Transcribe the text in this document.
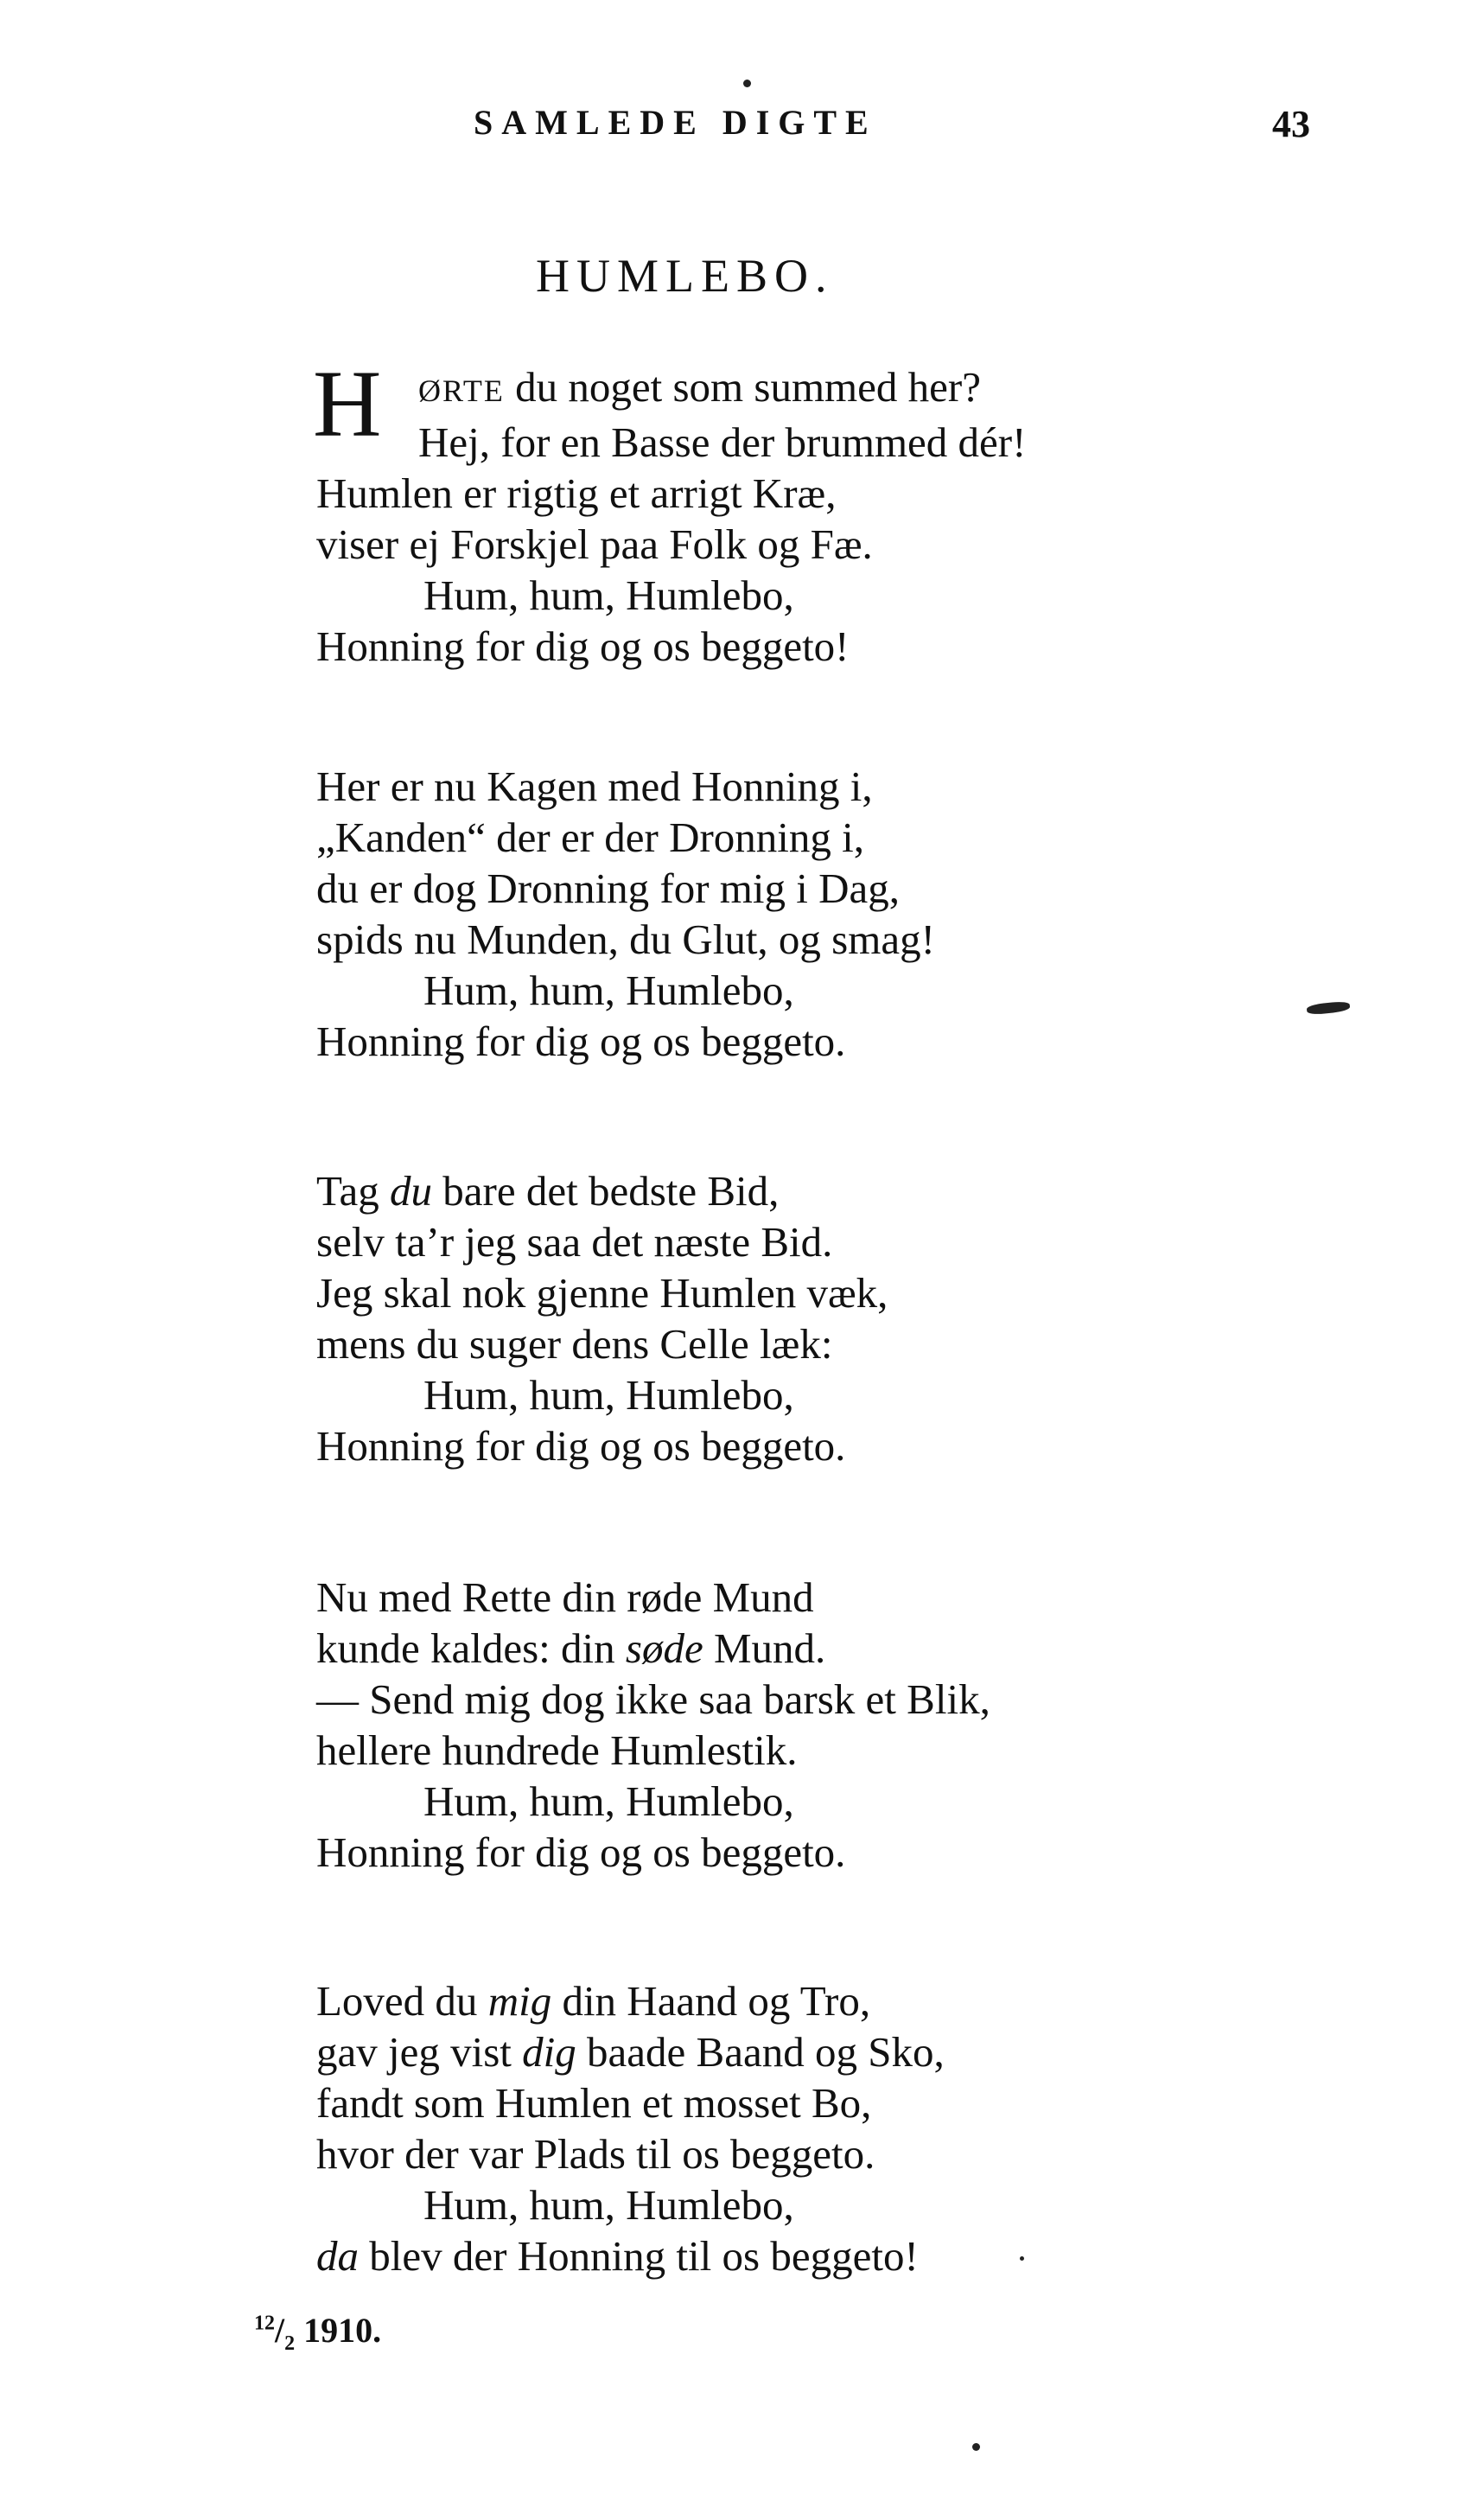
SAMLEDE DIGTE	43
HUMLEBO.
H	ØRTE du noget som summed her?
Hej, for en Basse der brummed dér!
Humlen er rigtig et arrigt Kræ,
viser ej Forskjel paa Folk og Fæ.
Hum, hum, Humlebo,
Honning for dig og os beggeto!
Her er nu Kagen med Honning i,
„Kanden“ der er der Dronning i,
du er dog Dronning for mig i Dag,
spids nu Munden, du Glut, og smag!
Hum, hum, Humlebo,
Honning for dig og os beggeto.
Tag du bare det bedste Bid,
selv ta’r jeg saa det næste Bid.
Jeg skal nok gjenne Humlen væk,
mens du suger dens Celle læk:
Hum, hum, Humlebo,
Honning for dig og os beggeto.
Nu med Rette din røde Mund
kunde kaldes: din søde Mund.
— Send mig dog ikke saa barsk et Blik,
hellere hundrede Humlestik.
Hum, hum, Humlebo,
Honning for dig og os beggeto.
Loved du mig din Haand og Tro,
gav jeg vist dig baade Baand og Sko,
fandt som Humlen et mosset Bo,
hvor der var Plads til os beggeto.
Hum, hum, Humlebo,
da blev der Honning til os beggeto!
$^{12}/_2$ 1910.
